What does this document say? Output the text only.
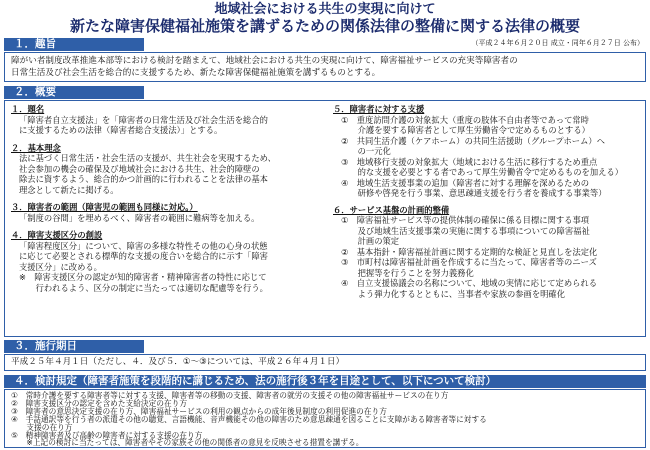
地域社会における共生の実現に向けて
新たな障害保健福祉施策を講ずるための関係法律の整備に関する法律の概要
１．趣旨	（平成２４年６月２０日 成立・同年６月２７日 公布）
障がい者制度改革推進本部等における検討を踏まえて、地域社会における共生の実現に向けて、障害福祉サービスの充実等障害者の
日常生活及び社会生活を総合的に支援するため、新たな障害保健福祉施策を講ずるものとする。
２．概要
１．題名
「障害者自立支援法」を「障害者の日常生活及び社会生活を総合的
に支援するための法律（障害者総合支援法）」とする。
２．基本理念
法に基づく日常生活・社会生活の支援が、共生社会を実現するため、
社会参加の機会の確保及び地域社会における共生、社会的障壁の
除去に資するよう、総合的かつ計画的に行われることを法律の基本
理念として新たに掲げる。
３．障害者の範囲（障害児の範囲も同様に対応。）
「制度の谷間」を埋めるべく、障害者の範囲に難病等を加える。
４．障害支援区分の創設
「障害程度区分」について、障害の多様な特性その他の心身の状態
に応じて必要とされる標準的な支援の度合いを総合的に示す「障害
支援区分」に改める。
※　障害支援区分の認定が知的障害者・精神障害者の特性に応じて
　　行われるよう、区分の制定に当たっては適切な配慮等を行う。
５．障害者に対する支援
①　重度訪問介護の対象拡大（重度の肢体不自由者等であって常時
　　介護を要する障害者として厚生労働省令で定めるものとする）
②　共同生活介護（ケアホーム）の共同生活援助（グループホーム）へ
　　の一元化
③　地域移行支援の対象拡大（地域における生活に移行するため重点
　　的な支援を必要とする者であって厚生労働省令で定めるものを加える）
④　地域生活支援事業の追加（障害者に対する理解を深めるための
　　研修や啓発を行う事業、意思疎通支援を行う者を養成する事業等）
６．サービス基盤の計画的整備
①　障害福祉サービス等の提供体制の確保に係る目標に関する事項
　　及び地域生活支援事業の実施に関する事項についての障害福祉
　　計画の策定
②　基本指針・障害福祉計画に関する定期的な検証と見直しを法定化
③　市町村は障害福祉計画を作成するに当たって、障害者等のニーズ
　　把握等を行うことを努力義務化
④　自立支援協議会の名称について、地域の実情に応じて定められる
　　よう弾力化するとともに、当事者や家族の参画を明確化
３．施行期日
平成２５年４月１日（ただし、４．及び５．①～③については、平成２６年４月１日）
４．検討規定（障害者施策を段階的に講じるため、法の施行後３年を目途として、以下について検討）
①　常時介護を要する障害者等に対する支援、障害者等の移動の支援、障害者の就労の支援その他の障害福祉サービスの在り方
②　障害支援区分の認定を含めた支給決定の在り方
③　障害者の意思決定支援の在り方、障害福祉サービスの利用の観点からの成年後見制度の利用促進の在り方
④　手話通訳等を行う者の派遣その他の聴覚、言語機能、音声機能その他の障害のため意思疎通を図ることに支障がある障害者等に対する
　　支援の在り方
⑤　精神障害者及び高齢の障害者に対する支援の在り方
　　※上記の検討に当たっては、障害者やその家族その他の関係者の意見を反映させる措置を講ずる。
